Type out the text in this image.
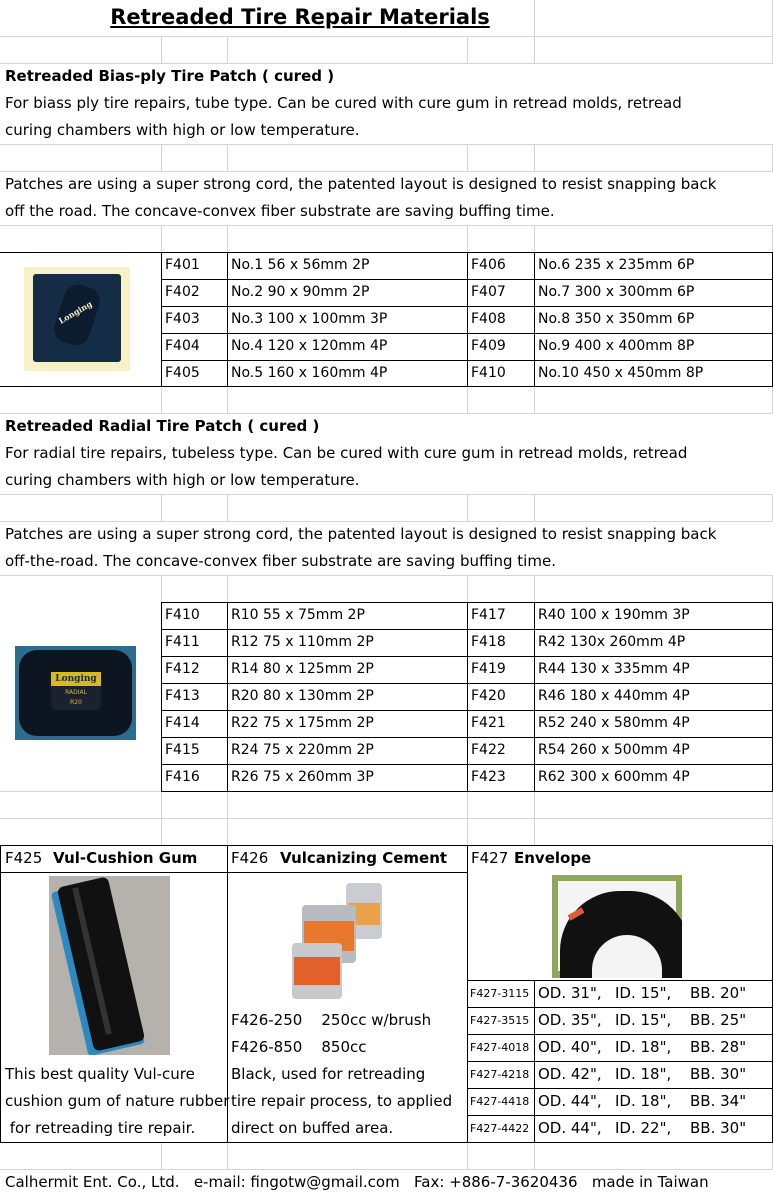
Retreaded Tire Repair Materials
Retreaded Bias-ply Tire Patch ( cured )
For biass ply tire repairs, tube type. Can be cured with cure gum in retread molds, retread
curing chambers with high or low temperature.
Patches are using a super strong cord, the patented layout is designed to resist snapping back
off the road. The concave-convex fiber substrate are saving buffing time.
Longing
F401 No.1 56 x 56mm 2P	F406 No.6 235 x 235mm 6P
F402 No.2 90 x 90mm 2P	F407 No.7 300 x 300mm 6P
F403 No.3 100 x 100mm 3P	F408 No.8 350 x 350mm 6P
F404 No.4 120 x 120mm 4P	F409 No.9 400 x 400mm 8P
F405 No.5 160 x 160mm 4P	F410 No.10 450 x 450mm 8P
Retreaded Radial Tire Patch ( cured )
For radial tire repairs, tubeless type. Can be cured with cure gum in retread molds, retread
curing chambers with high or low temperature.
Patches are using a super strong cord, the patented layout is designed to resist snapping back
off-the-road. The concave-convex fiber substrate are saving buffing time.
Longing
RADIAL
R20
F410 R10 55 x 75mm 2P	F417 R40 100 x 190mm 3P
F411 R12 75 x 110mm 2P	F418 R42 130x 260mm 4P
F412 R14 80 x 125mm 2P	F419 R44 130 x 335mm 4P
F413 R20 80 x 130mm 2P	F420 R46 180 x 440mm 4P
F414 R22 75 x 175mm 2P	F421 R52 240 x 580mm 4P
F415 R24 75 x 220mm 2P	F422 R54 260 x 500mm 4P
F416 R26 75 x 260mm 3P	F423 R62 300 x 600mm 4P
F425 Vul-Cushion Gum
This best quality Vul-cure
cushion gum of nature rubber
for retreading tire repair.
F426 Vulcanizing Cement
F426-250    250cc w/brush
F426-850    850cc
Black, used for retreading
tire repair process, to applied
direct on buffed area.
F427 Envelope
F427-3115 OD. 31", ID. 15", BB. 20"
F427-3515 OD. 35", ID. 15", BB. 25"
F427-4018 OD. 40", ID. 18", BB. 28"
F427-4218 OD. 42", ID. 18", BB. 30"
F427-4418 OD. 44", ID. 18", BB. 34"
F427-4422 OD. 44", ID. 22", BB. 30"
Calhermit Ent. Co., Ltd.   e-mail: fingotw@gmail.com   Fax: +886-7-3620436   made in Taiwan
